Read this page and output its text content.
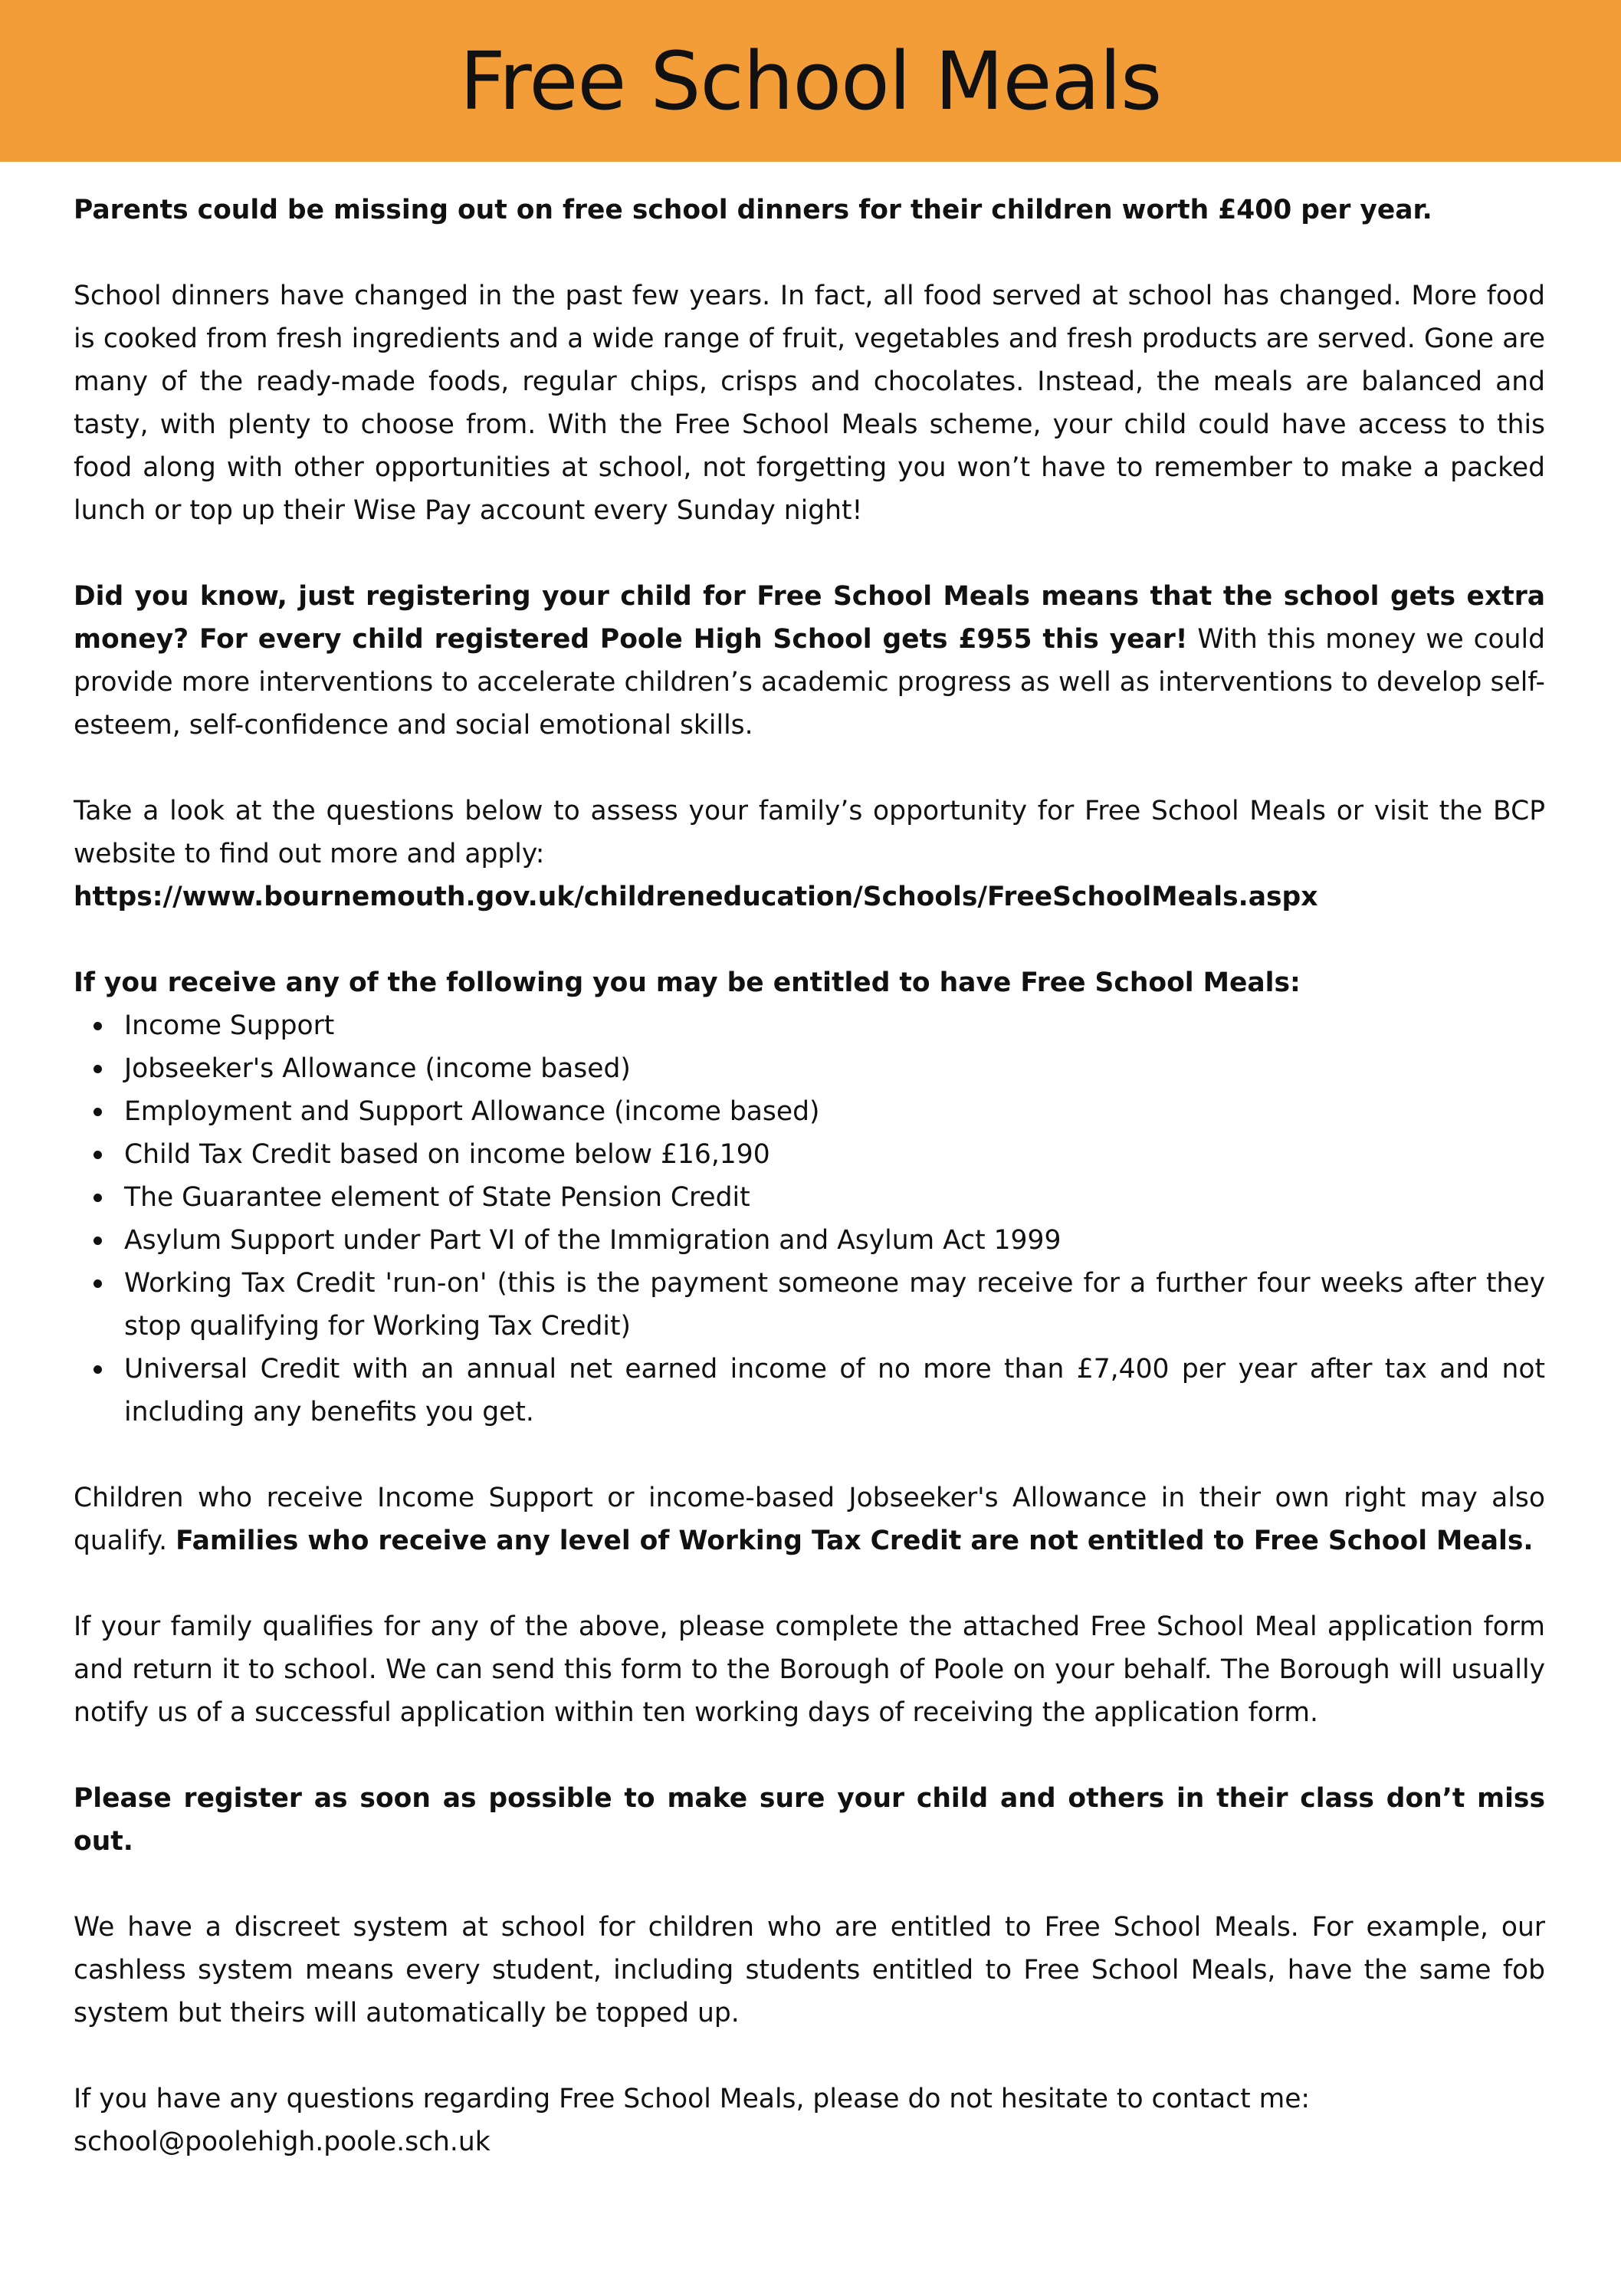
Free School Meals

Parents could be missing out on free school dinners for their children worth £400 per year.

School dinners have changed in the past few years. In fact, all food served at school has changed. More food is cooked from fresh ingredients and a wide range of fruit, vegetables and fresh products are served. Gone are many of the ready-made foods, regular chips, crisps and chocolates. Instead, the meals are balanced and tasty, with plenty to choose from. With the Free School Meals scheme, your child could have access to this food along with other opportunities at school, not forgetting you won’t have to remember to make a packed lunch or top up their Wise Pay account every Sunday night!

Did you know, just registering your child for Free School Meals means that the school gets extra money? For every child registered Poole High School gets £955 this year! With this money we could provide more interventions to accelerate children’s academic progress as well as interventions to develop self-esteem, self-confidence and social emotional skills.

Take a look at the questions below to assess your family’s opportunity for Free School Meals or visit the BCP website to find out more and apply:

https://www.bournemouth.gov.uk/childreneducation/Schools/FreeSchoolMeals.aspx

If you receive any of the following you may be entitled to have Free School Meals:

Income Support
Jobseeker's Allowance (income based)
Employment and Support Allowance (income based)
Child Tax Credit based on income below £16,190
The Guarantee element of State Pension Credit
Asylum Support under Part VI of the Immigration and Asylum Act 1999
Working Tax Credit 'run-on' (this is the payment someone may receive for a further four weeks after they stop qualifying for Working Tax Credit)
Universal Credit with an annual net earned income of no more than £7,400 per year after tax and not including any benefits you get.

Children who receive Income Support or income-based Jobseeker's Allowance in their own right may also qualify. Families who receive any level of Working Tax Credit are not entitled to Free School Meals.

If your family qualifies for any of the above, please complete the attached Free School Meal application form and return it to school. We can send this form to the Borough of Poole on your behalf. The Borough will usually notify us of a successful application within ten working days of receiving the application form.

Please register as soon as possible to make sure your child and others in their class don’t miss out.

We have a discreet system at school for children who are entitled to Free School Meals. For example, our cashless system means every student, including students entitled to Free School Meals, have the same fob system but theirs will automatically be topped up.

If you have any questions regarding Free School Meals, please do not hesitate to contact me:

school@poolehigh.poole.sch.uk
